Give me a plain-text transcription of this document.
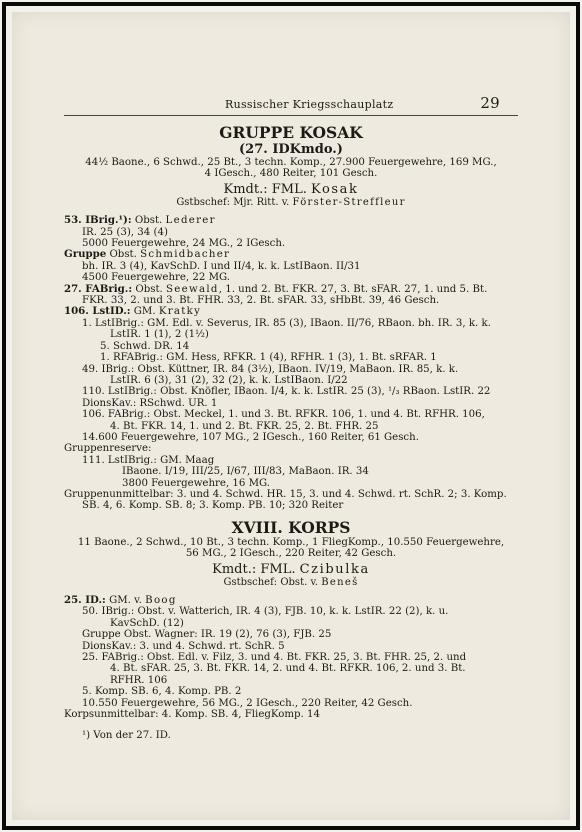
Russischer Kriegsschauplatz	29
GRUPPE KOSAK
(27. IDKmdo.)
44½ Baone., 6 Schwd., 25 Bt., 3 techn. Komp., 27.900 Feuergewehre, 169 MG.,
4 IGesch., 480 Reiter, 101 Gesch.
Kmdt.: FML. Kosak
Gstbschef: Mjr. Ritt. v. Förster-Streffleur
53. IBrig.¹): Obst. Lederer
IR. 25 (3), 34 (4)
5000 Feuergewehre, 24 MG., 2 IGesch.
Gruppe Obst. Schmidbacher
bh. IR. 3 (4), KavSchD. I und II/4, k. k. LstIBaon. II/31
4500 Feuergewehre, 22 MG.
27. FABrig.: Obst. Seewald, 1. und 2. Bt. FKR. 27, 3. Bt. sFAR. 27, 1. und 5. Bt.
FKR. 33, 2. und 3. Bt. FHR. 33, 2. Bt. sFAR. 33, sHbBt. 39, 46 Gesch.
106. LstID.: GM. Kratky
1. LstIBrig.: GM. Edl. v. Severus, IR. 85 (3), IBaon. II/76, RBaon. bh. IR. 3, k. k.
LstIR. 1 (1), 2 (1½)
5. Schwd. DR. 14
1. RFABrig.: GM. Hess, RFKR. 1 (4), RFHR. 1 (3), 1. Bt. sRFAR. 1
49. IBrig.: Obst. Küttner, IR. 84 (3½), IBaon. IV/19, MaBaon. IR. 85, k. k.
LstIR. 6 (3), 31 (2), 32 (2), k. k. LstIBaon. I/22
110. LstIBrig.: Obst. Knöfler, IBaon. I/4, k. k. LstIR. 25 (3), ¹/₃ RBaon. LstIR. 22
DionsKav.: RSchwd. UR. 1
106. FABrig.: Obst. Meckel, 1. und 3. Bt. RFKR. 106, 1. und 4. Bt. RFHR. 106,
4. Bt. FKR. 14, 1. und 2. Bt. FKR. 25, 2. Bt. FHR. 25
14.600 Feuergewehre, 107 MG., 2 IGesch., 160 Reiter, 61 Gesch.
Gruppenreserve:
111. LstIBrig.: GM. Maag
IBaone. I/19, III/25, I/67, III/83, MaBaon. IR. 34
3800 Feuergewehre, 16 MG.
Gruppenunmittelbar: 3. und 4. Schwd. HR. 15, 3. und 4. Schwd. rt. SchR. 2; 3. Komp.
SB. 4, 6. Komp. SB. 8; 3. Komp. PB. 10; 320 Reiter
XVIII. KORPS
11 Baone., 2 Schwd., 10 Bt., 3 techn. Komp., 1 FliegKomp., 10.550 Feuergewehre,
56 MG., 2 IGesch., 220 Reiter, 42 Gesch.
Kmdt.: FML. Czibulka
Gstbschef: Obst. v. Beneš
25. ID.: GM. v. Boog
50. IBrig.: Obst. v. Watterich, IR. 4 (3), FJB. 10, k. k. LstIR. 22 (2), k. u.
KavSchD. (12)
Gruppe Obst. Wagner: IR. 19 (2), 76 (3), FJB. 25
DionsKav.: 3. und 4. Schwd. rt. SchR. 5
25. FABrig.: Obst. Edl. v. Filz, 3. und 4. Bt. FKR. 25, 3. Bt. FHR. 25, 2. und
4. Bt. sFAR. 25, 3. Bt. FKR. 14, 2. und 4. Bt. RFKR. 106, 2. und 3. Bt.
RFHR. 106
5. Komp. SB. 6, 4. Komp. PB. 2
10.550 Feuergewehre, 56 MG., 2 IGesch., 220 Reiter, 42 Gesch.
Korpsunmittelbar: 4. Komp. SB. 4, FliegKomp. 14
¹) Von der 27. ID.
